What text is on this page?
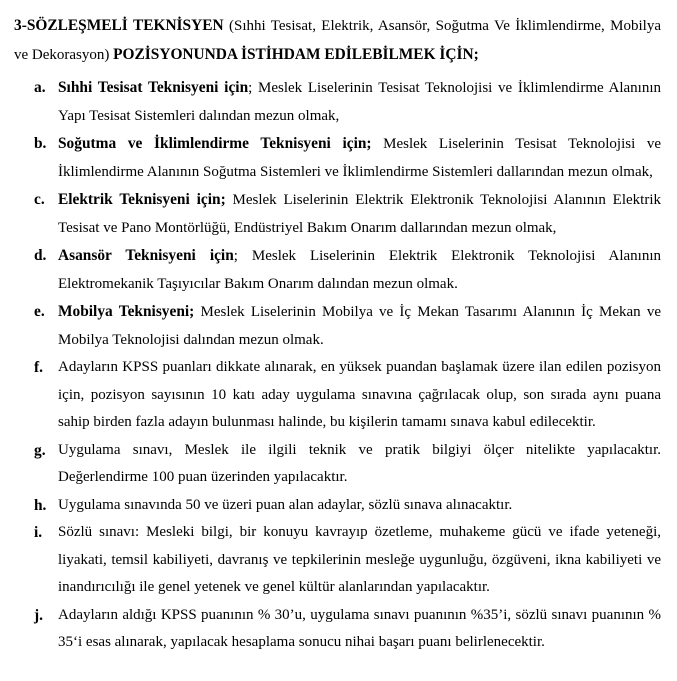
3-SÖZLEŞMELİ TEKNİSYEN (Sıhhi Tesisat, Elektrik, Asansör, Soğutma Ve İklimlendirme, Mobilya ve Dekorasyon) POZİSYONUNDA İSTİHDAM EDİLEBİLMEK İÇİN;

a. Sıhhi Tesisat Teknisyeni için; Meslek Liselerinin Tesisat Teknolojisi ve İklimlendirme Alanının Yapı Tesisat Sistemleri dalından mezun olmak,
b. Soğutma ve İklimlendirme Teknisyeni için; Meslek Liselerinin Tesisat Teknolojisi ve İklimlendirme Alanının Soğutma Sistemleri ve İklimlendirme Sistemleri dallarından mezun olmak,
c. Elektrik Teknisyeni için; Meslek Liselerinin Elektrik Elektronik Teknolojisi Alanının Elektrik Tesisat ve Pano Montörlüğü, Endüstriyel Bakım Onarım dallarından mezun olmak,
d. Asansör Teknisyeni için; Meslek Liselerinin Elektrik Elektronik Teknolojisi Alanının Elektromekanik Taşıyıcılar Bakım Onarım dalından mezun olmak.
e. Mobilya Teknisyeni; Meslek Liselerinin Mobilya ve İç Mekan Tasarımı Alanının İç Mekan ve Mobilya Teknolojisi dalından mezun olmak.
f.	Adayların KPSS puanları dikkate alınarak, en yüksek puandan başlamak üzere ilan edilen pozisyon için, pozisyon sayısının 10 katı aday uygulama sınavına çağrılacak olup, son sırada aynı puana sahip birden fazla adayın bulunması halinde, bu kişilerin tamamı sınava kabul edilecektir.
g. Uygulama sınavı, Meslek ile ilgili teknik ve pratik bilgiyi ölçer nitelikte yapılacaktır. Değerlendirme 100 puan üzerinden yapılacaktır.
h. Uygulama sınavında 50 ve üzeri puan alan adaylar, sözlü sınava alınacaktır.
i.	Sözlü sınavı: Mesleki bilgi, bir konuyu kavrayıp özetleme, muhakeme gücü ve ifade yeteneği, liyakati, temsil kabiliyeti, davranış ve tepkilerinin mesleğe uygunluğu, özgüveni, ikna kabiliyeti ve inandırıcılığı ile genel yetenek ve genel kültür alanlarından yapılacaktır.
j.	Adayların aldığı KPSS puanının % 30’u, uygulama sınavı puanının %35’i, sözlü sınavı puanının % 35‘i esas alınarak, yapılacak hesaplama sonucu nihai başarı puanı belirlenecektir.
